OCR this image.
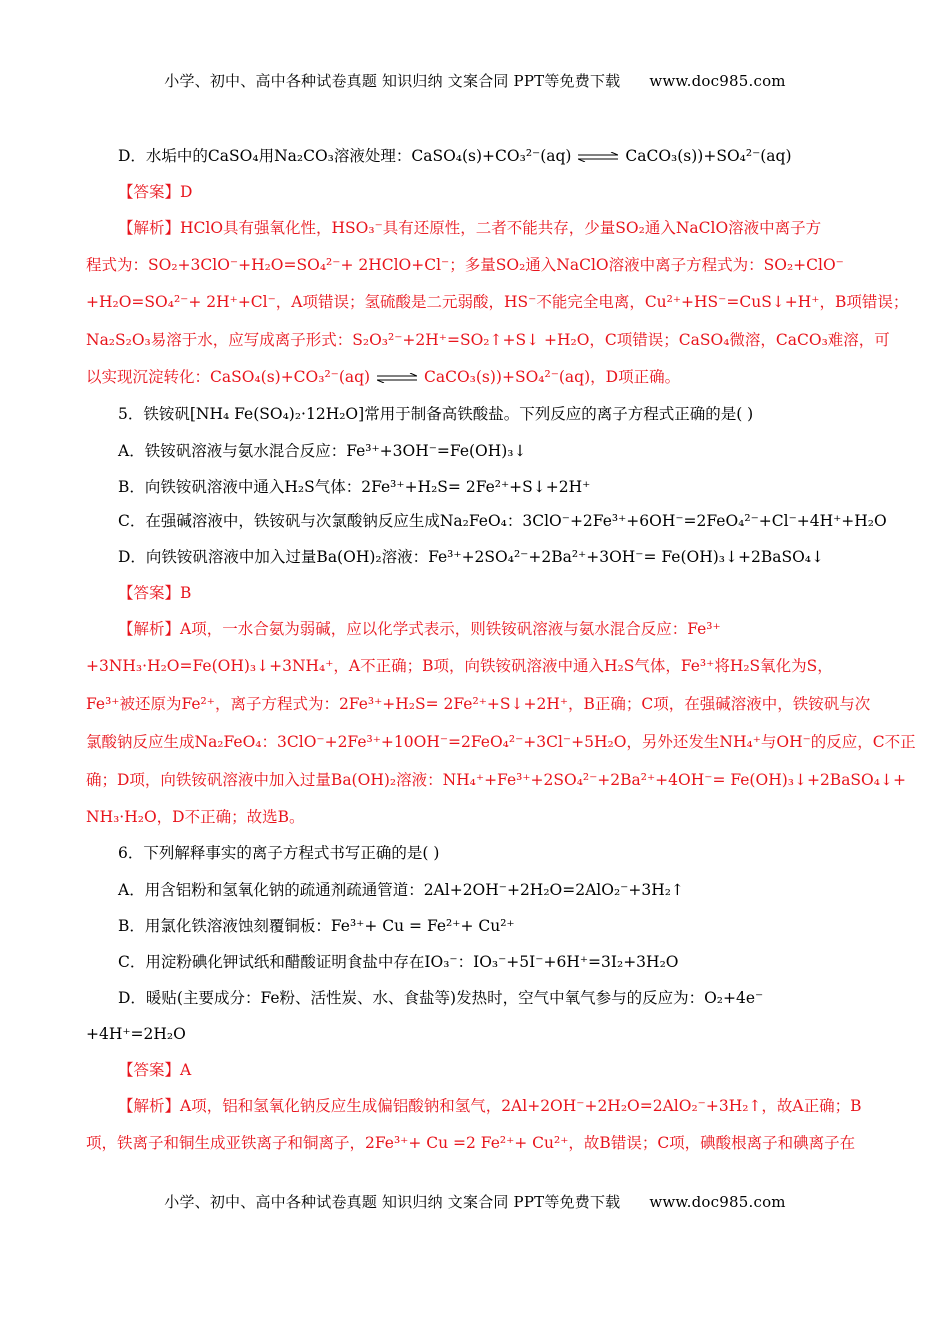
小学、初中、高中各种试卷真题 知识归纳 文案合同 PPT等免费下载 www.doc985.com
D．水垢中的CaSO₄用Na₂CO₃溶液处理：CaSO₄(s)+CO₃²⁻(aq) ⇌ CaCO₃(s))+SO₄²⁻(aq)
【答案】D
【解析】HClO具有强氧化性，HSO₃⁻具有还原性，二者不能共存，少量SO₂通入NaClO溶液中离子方
程式为：SO₂+3ClO⁻+H₂O=SO₄²⁻+ 2HClO+Cl⁻；多量SO₂通入NaClO溶液中离子方程式为：SO₂+ClO⁻
+H₂O=SO₄²⁻+ 2H⁺+Cl⁻，A项错误；氢硫酸是二元弱酸，HS⁻不能完全电离，Cu²⁺+HS⁻=CuS↓+H⁺，B项错误；
Na₂S₂O₃易溶于水，应写成离子形式：S₂O₃²⁻+2H⁺=SO₂↑+S↓ +H₂O，C项错误；CaSO₄微溶，CaCO₃难溶，可
以实现沉淀转化：CaSO₄(s)+CO₃²⁻(aq) ⇌ CaCO₃(s))+SO₄²⁻(aq)，D项正确。
5．铁铵矾[NH₄ Fe(SO₄)₂·12H₂O]常用于制备高铁酸盐。下列反应的离子方程式正确的是( )
A．铁铵矾溶液与氨水混合反应：Fe³⁺+3OH⁻=Fe(OH)₃↓
B．向铁铵矾溶液中通入H₂S气体：2Fe³⁺+H₂S= 2Fe²⁺+S↓+2H⁺
C．在强碱溶液中，铁铵矾与次氯酸钠反应生成Na₂FeO₄：3ClO⁻+2Fe³⁺+6OH⁻=2FeO₄²⁻+Cl⁻+4H⁺+H₂O
D．向铁铵矾溶液中加入过量Ba(OH)₂溶液：Fe³⁺+2SO₄²⁻+2Ba²⁺+3OH⁻= Fe(OH)₃↓+2BaSO₄↓
【答案】B
【解析】A项，一水合氨为弱碱，应以化学式表示，则铁铵矾溶液与氨水混合反应：Fe³⁺
+3NH₃·H₂O=Fe(OH)₃↓+3NH₄⁺，A不正确；B项，向铁铵矾溶液中通入H₂S气体，Fe³⁺将H₂S氧化为S，
Fe³⁺被还原为Fe²⁺，离子方程式为：2Fe³⁺+H₂S= 2Fe²⁺+S↓+2H⁺，B正确；C项，在强碱溶液中，铁铵矾与次
氯酸钠反应生成Na₂FeO₄：3ClO⁻+2Fe³⁺+10OH⁻=2FeO₄²⁻+3Cl⁻+5H₂O，另外还发生NH₄⁺与OH⁻的反应，C不正
确；D项，向铁铵矾溶液中加入过量Ba(OH)₂溶液：NH₄⁺+Fe³⁺+2SO₄²⁻+2Ba²⁺+4OH⁻= Fe(OH)₃↓+2BaSO₄↓+
NH₃·H₂O，D不正确；故选B。
6．下列解释事实的离子方程式书写正确的是( )
A．用含铝粉和氢氧化钠的疏通剂疏通管道：2Al+2OH⁻+2H₂O=2AlO₂⁻+3H₂↑
B．用氯化铁溶液蚀刻覆铜板：Fe³⁺+ Cu = Fe²⁺+ Cu²⁺
C．用淀粉碘化钾试纸和醋酸证明食盐中存在IO₃⁻：IO₃⁻+5I⁻+6H⁺=3I₂+3H₂O
D．暖贴(主要成分：Fe粉、活性炭、水、食盐等)发热时，空气中氧气参与的反应为：O₂+4e⁻
+4H⁺=2H₂O
【答案】A
【解析】A项，铝和氢氧化钠反应生成偏铝酸钠和氢气，2Al+2OH⁻+2H₂O=2AlO₂⁻+3H₂↑，故A正确；B
项，铁离子和铜生成亚铁离子和铜离子，2Fe³⁺+ Cu =2 Fe²⁺+ Cu²⁺，故B错误；C项，碘酸根离子和碘离子在
小学、初中、高中各种试卷真题 知识归纳 文案合同 PPT等免费下载 www.doc985.com
